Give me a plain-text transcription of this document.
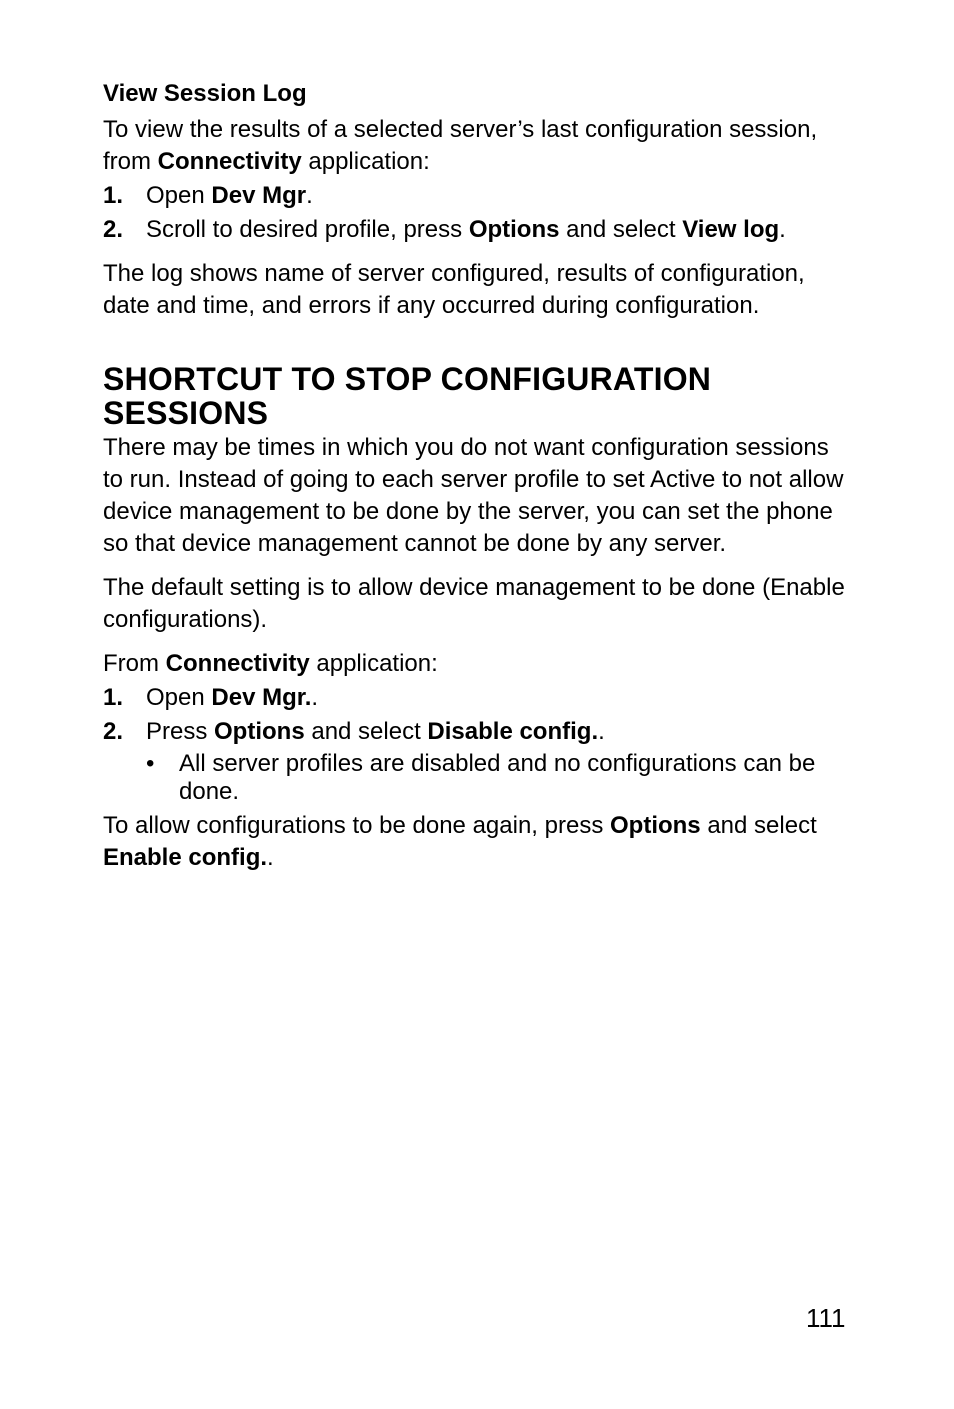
View Session Log

To view the results of a selected server’s last configuration session, from Connectivity application:

1. Open Dev Mgr.
2. Scroll to desired profile, press Options and select View log.

The log shows name of server configured, results of configuration, date and time, and errors if any occurred during configuration.

SHORTCUT TO STOP CONFIGURATION SESSIONS

There may be times in which you do not want configuration sessions to run. Instead of going to each server profile to set Active to not allow device management to be done by the server, you can set the phone so that device management cannot be done by any server.

The default setting is to allow device management to be done (Enable configurations).

From Connectivity application:

1. Open Dev Mgr..
2. Press Options and select Disable config..
• All server profiles are disabled and no configurations can be done.

To allow configurations to be done again, press Options and select Enable config..

111
